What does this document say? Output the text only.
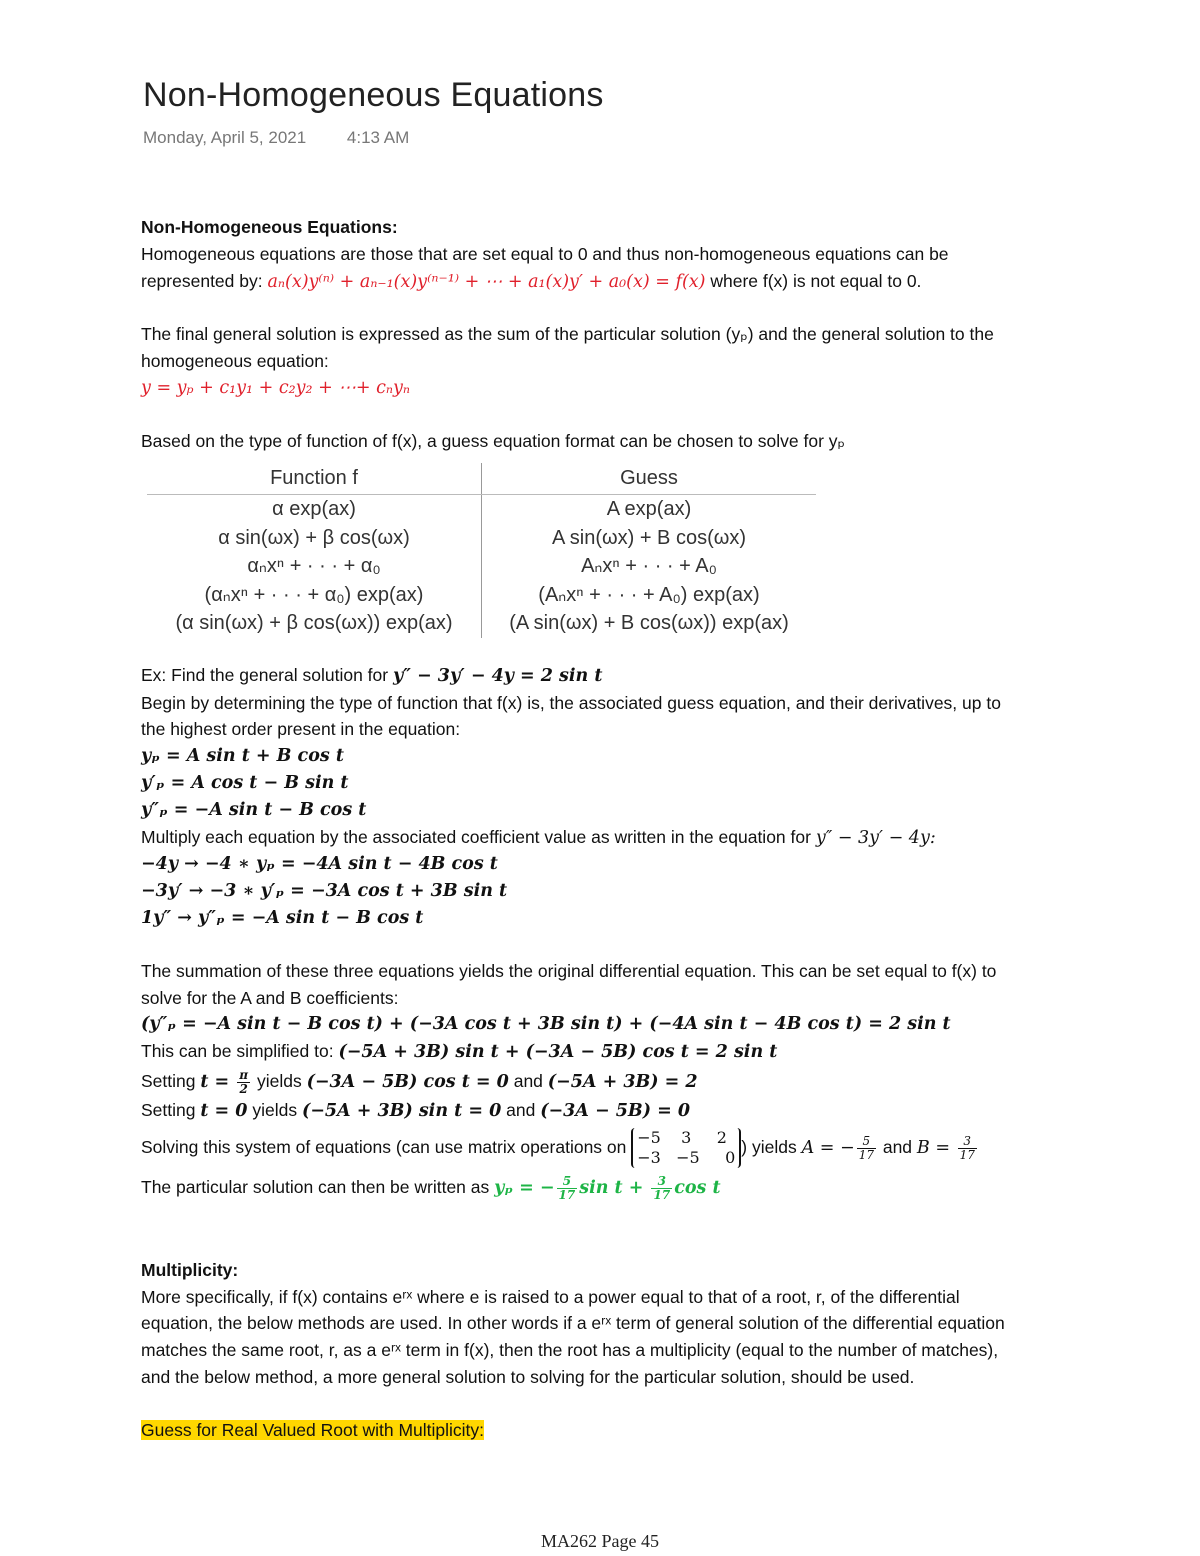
Non-Homogeneous Equations
Monday, April 5, 2021 4:13 AM
Non-Homogeneous Equations:
Homogeneous equations are those that are set equal to 0 and thus non-homogeneous equations can be
represented by: aₙ(x)y⁽ⁿ⁾ + aₙ₋₁(x)y⁽ⁿ⁻¹⁾ + ⋯ + a₁(x)y′ + a₀(x) = f(x) where f(x) is not equal to 0.
The final general solution is expressed as the sum of the particular solution (yₚ) and the general solution to the
homogeneous equation:
y = yₚ + c₁y₁ + c₂y₂ + ⋯+ cₙyₙ
Based on the type of function of f(x), a guess equation format can be chosen to solve for yₚ
Function f	Guess
α exp(ax)	A exp(ax)
α sin(ωx) + β cos(ωx)	A sin(ωx) + B cos(ωx)
αₙxⁿ + · · · + α₀	Aₙxⁿ + · · · + A₀
(αₙxⁿ + · · · + α₀) exp(ax)	(Aₙxⁿ + · · · + A₀) exp(ax)
(α sin(ωx) + β cos(ωx)) exp(ax)	(A sin(ωx) + B cos(ωx)) exp(ax)
Ex: Find the general solution for y″ − 3y′ − 4y = 2 sin t
Begin by determining the type of function that f(x) is, the associated guess equation, and their derivatives, up to
the highest order present in the equation:
yₚ = A sin t + B cos t
y′ₚ = A cos t − B sin t
y″ₚ = −A sin t − B cos t
Multiply each equation by the associated coefficient value as written in the equation for y″ − 3y′ − 4y:
−4y → −4 ∗ yₚ = −4A sin t − 4B cos t
−3y′ → −3 ∗ y′ₚ = −3A cos t + 3B sin t
1y″ → y″ₚ = −A sin t − B cos t
The summation of these three equations yields the original differential equation. This can be set equal to f(x) to
solve for the A and B coefficients:
(y″ₚ = −A sin t − B cos t) + (−3A cos t + 3B sin t) + (−4A sin t − 4B cos t) = 2 sin t
This can be simplified to: (−5A + 3B) sin t + (−3A − 5B) cos t = 2 sin t
Setting $t = \frac{\pi}{2}$ yields (−3A − 5B) cos t = 0 and (−5A + 3B) = 2
Setting t = 0 yields (−5A + 3B) sin t = 0 and (−3A − 5B) = 0
Solving this system of equations (can use matrix operations on −5    3     2
−3   −5     0
) yields A = − $\frac{5}{17}$ and $B = \frac{3}{17}$
The particular solution can then be written as yₚ = − $\frac{5}{17}$ $\sin t + \frac{3}{17}$ cos t
Multiplicity:
More specifically, if f(x) contains eʳˣ where e is raised to a power equal to that of a root, r, of the differential
equation, the below methods are used. In other words if a eʳˣ term of general solution of the differential equation
matches the same root, r, as a eʳˣ term in f(x), then the root has a multiplicity (equal to the number of matches),
and the below method, a more general solution to solving for the particular solution, should be used.
Guess for Real Valued Root with Multiplicity:
MA262 Page 45
